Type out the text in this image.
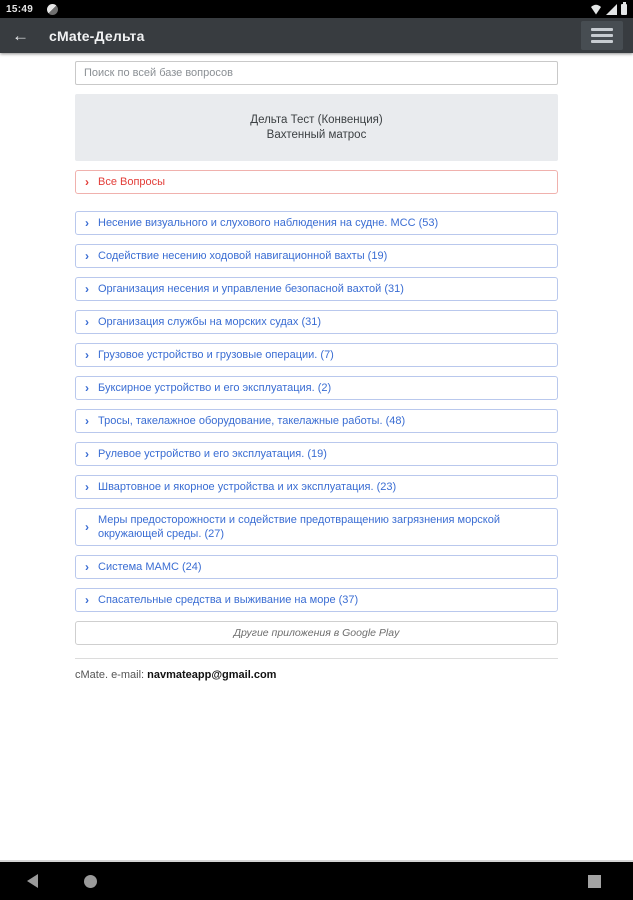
15:49
←	cMate-Дельта
Поиск по всей базе вопросов
Дельта Тест (Конвенция)
Вахтенный матрос
› Все Вопросы
› Несение визуального и слухового наблюдения на судне. МСС (53)
› Содействие несению ходовой навигационной вахты (19)
› Организация несения и управление безопасной вахтой (31)
› Организация службы на морских судах (31)
› Грузовое устройство и грузовые операции. (7)
› Буксирное устройство и его эксплуатация. (2)
› Тросы, такелажное оборудование, такелажные работы. (48)
› Рулевое устройство и его эксплуатация. (19)
› Швартовное и якорное устройства и их эксплуатация. (23)
› Меры предосторожности и содействие предотвращению загрязнения морской окружающей среды. (27)
› Система МАМС (24)
› Спасательные средства и выживание на море (37)
Другие приложения в Google Play
cMate. e-mail: navmateapp@gmail.com
